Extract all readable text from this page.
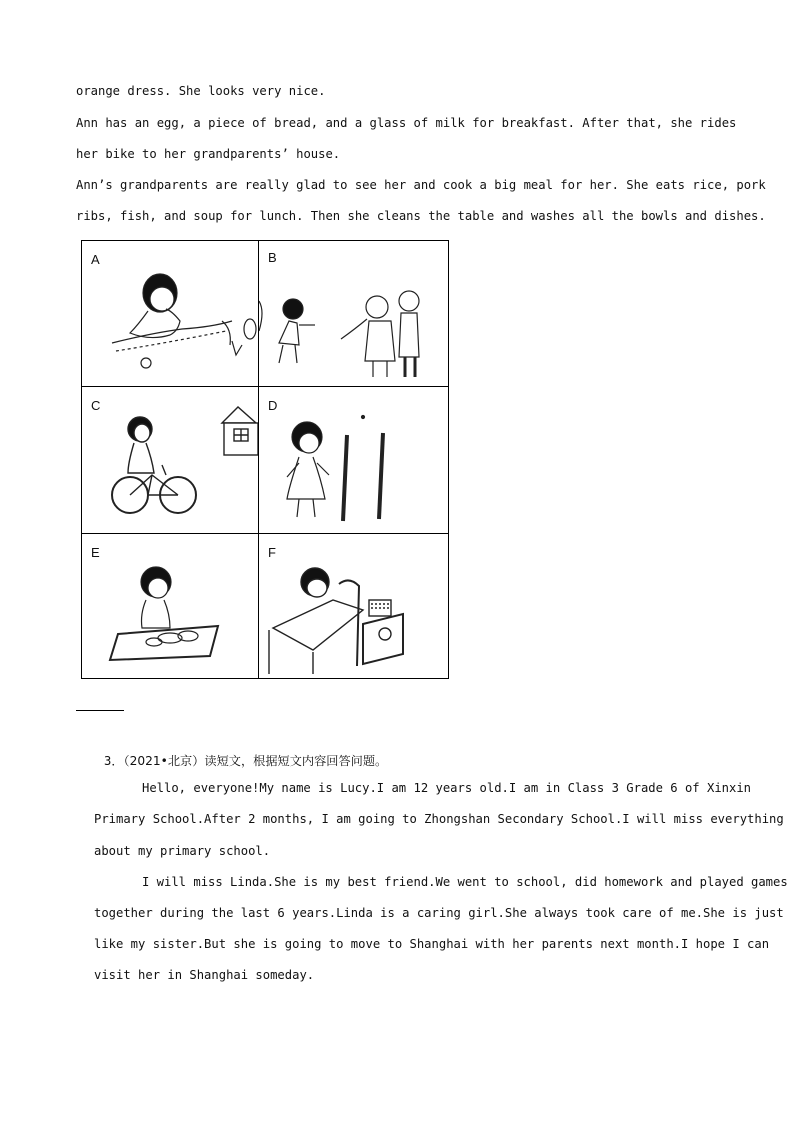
orange dress. She looks very nice.
Ann has an egg, a piece of bread, and a glass of milk for breakfast. After that, she rides
her bike to her grandparents’ house.
Ann’s grandparents are really glad to see her and cook a big meal for her. She eats rice, pork
ribs, fish, and soup for lunch. Then she cleans the table and washes all the bowls and dishes.
A	B
C	D
E	F
3．（2021•北京）读短文，根据短文内容回答问题。
Hello, everyone!My name is Lucy.I am 12 years old.I am in Class 3 Grade 6 of Xinxin
Primary School.After 2 months, I am going to Zhongshan Secondary School.I will miss everything
about my primary school.
I will miss Linda.She is my best friend.We went to school, did homework and played games
together during the last 6 years.Linda is a caring girl.She always took care of me.She is just
like my sister.But she is going to move to Shanghai with her parents next month.I hope I can
visit her in Shanghai someday.
